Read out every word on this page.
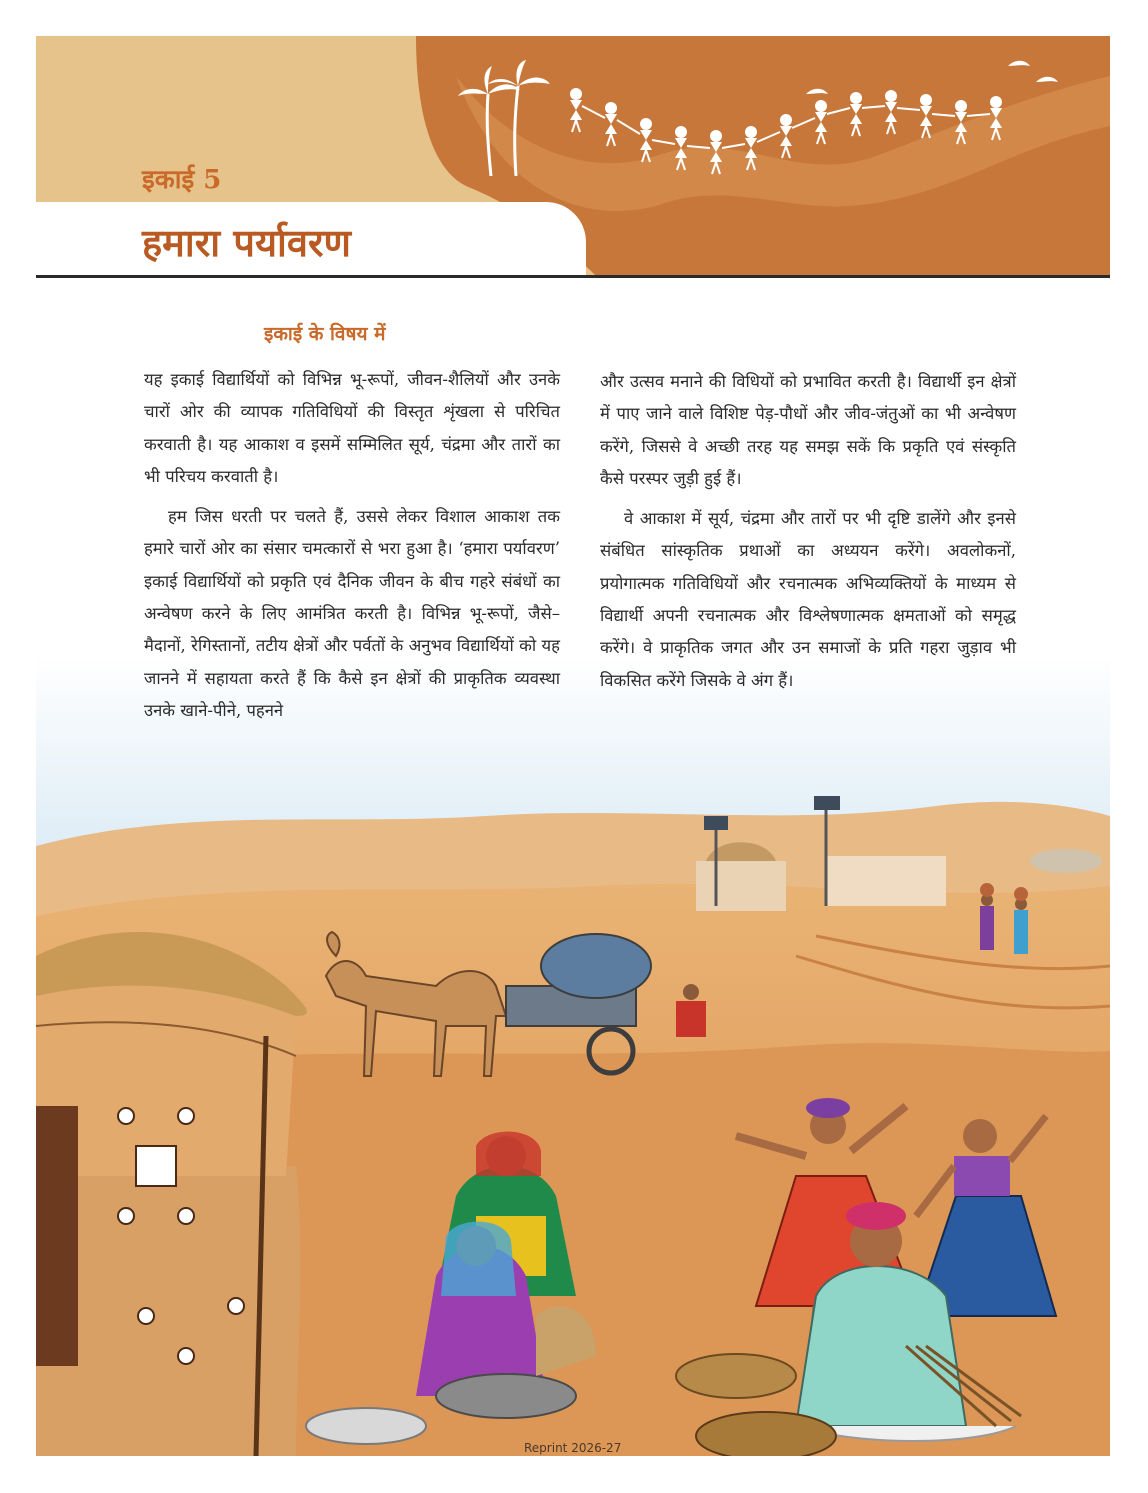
इकाई 5
हमारा पर्यावरण
इकाई के विषय में

यह इकाई विद्यार्थियों को विभिन्न भू-रूपों, जीवन-शैलियों और उनके चारों ओर की व्यापक गतिविधियों की विस्तृत शृंखला से परिचित करवाती है। यह आकाश व इसमें सम्मिलित सूर्य, चंद्रमा और तारों का भी परिचय करवाती है।

हम जिस धरती पर चलते हैं, उससे लेकर विशाल आकाश तक हमारे चारों ओर का संसार चमत्कारों से भरा हुआ है। ‘हमारा पर्यावरण’ इकाई विद्यार्थियों को प्रकृति एवं दैनिक जीवन के बीच गहरे संबंधों का अन्वेषण करने के लिए आमंत्रित करती है। विभिन्न भू-रूपों, जैसे– मैदानों, रेगिस्तानों, तटीय क्षेत्रों और पर्वतों के अनुभव विद्यार्थियों को यह जानने में सहायता करते हैं कि कैसे इन क्षेत्रों की प्राकृतिक व्यवस्था उनके खाने-पीने, पहनने

और उत्सव मनाने की विधियों को प्रभावित करती है। विद्यार्थी इन क्षेत्रों में पाए जाने वाले विशिष्ट पेड़-पौधों और जीव-जंतुओं का भी अन्वेषण करेंगे, जिससे वे अच्छी तरह यह समझ सकें कि प्रकृति एवं संस्कृति कैसे परस्पर जुड़ी हुई हैं।

वे आकाश में सूर्य, चंद्रमा और तारों पर भी दृष्टि डालेंगे और इनसे संबंधित सांस्कृतिक प्रथाओं का अध्ययन करेंगे। अवलोकनों, प्रयोगात्मक गतिविधियों और रचनात्मक अभिव्यक्तियों के माध्यम से विद्यार्थी अपनी रचनात्मक और विश्लेषणात्मक क्षमताओं को समृद्ध करेंगे। वे प्राकृतिक जगत और उन समाजों के प्रति गहरा जुड़ाव भी विकसित करेंगे जिसके वे अंग हैं।

Reprint 2026-27
